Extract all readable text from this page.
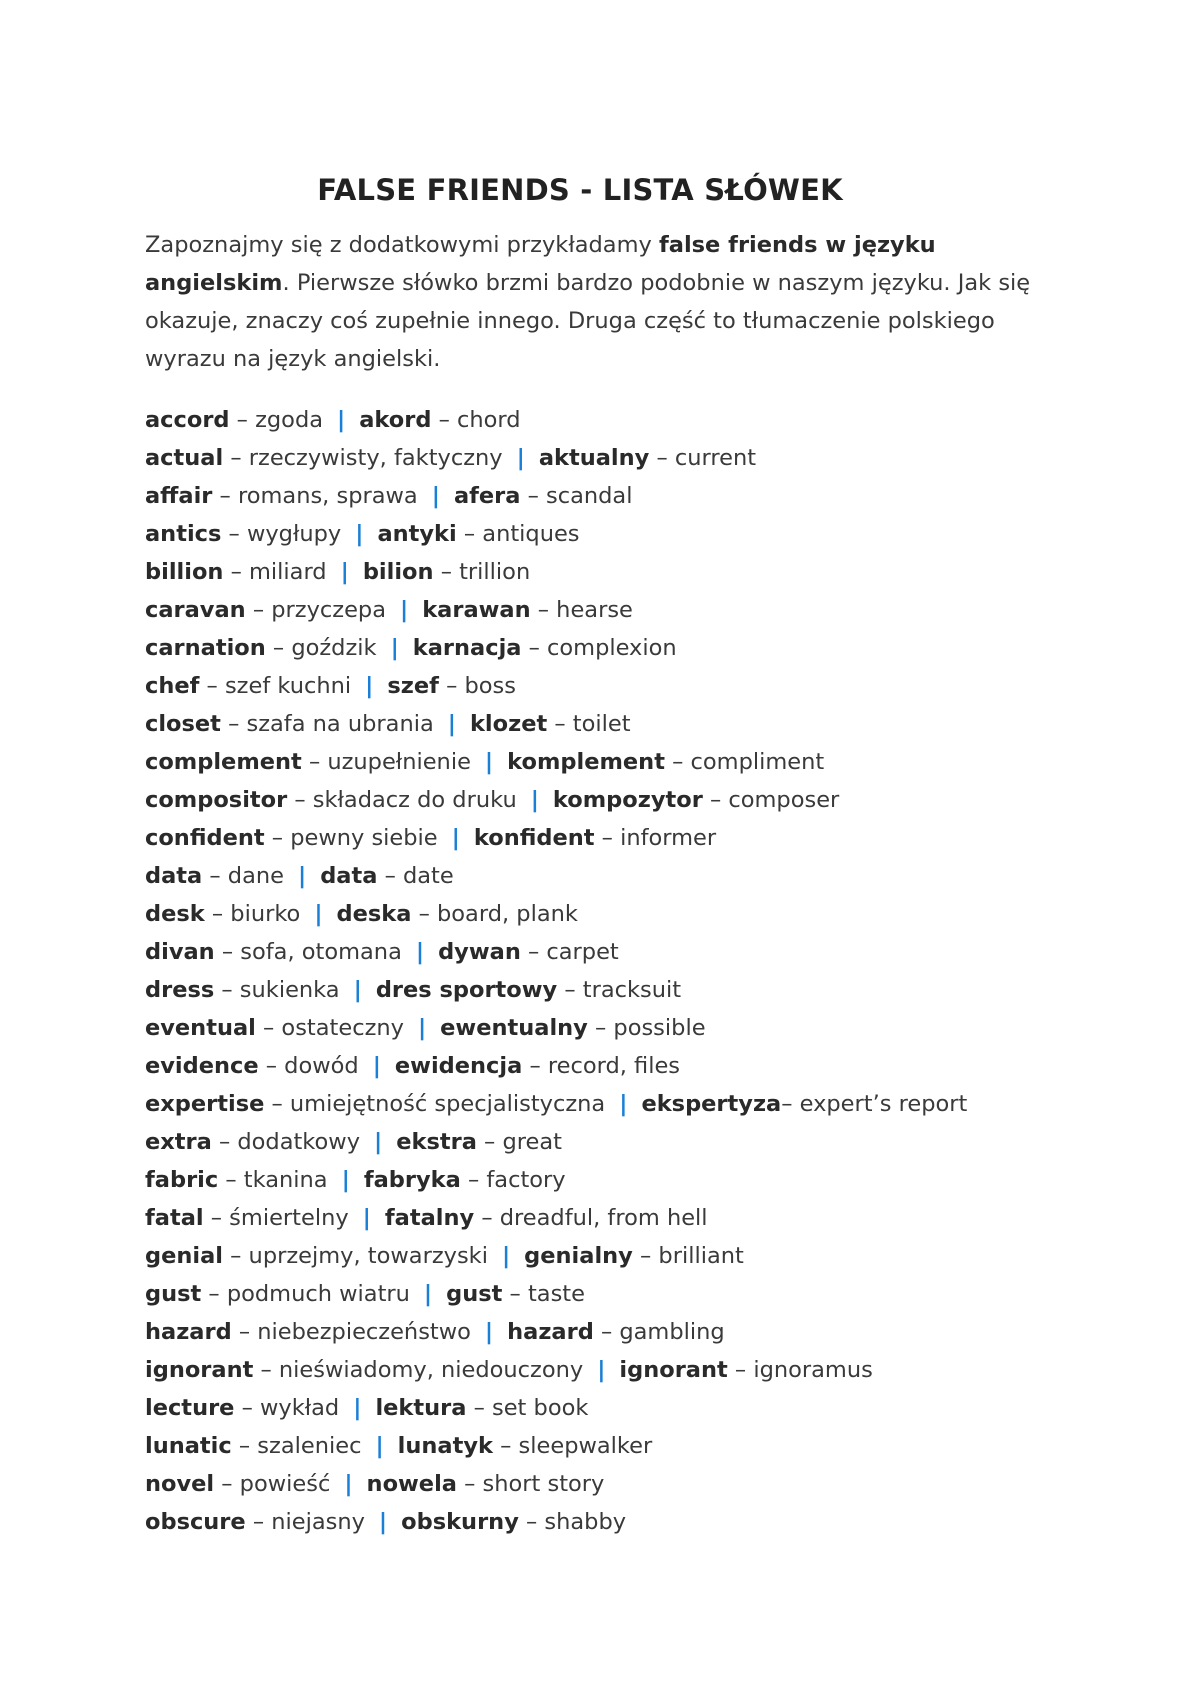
FALSE FRIENDS - LISTA SŁÓWEK

Zapoznajmy się z dodatkowymi przykładamy false friends w języku angielskim. Pierwsze słówko brzmi bardzo podobnie w naszym języku. Jak się okazuje, znaczy coś zupełnie innego. Druga część to tłumaczenie polskiego wyrazu na język angielski.

accord – zgoda | akord – chord
actual – rzeczywisty, faktyczny | aktualny – current
affair – romans, sprawa | afera – scandal
antics – wygłupy | antyki – antiques
billion – miliard | bilion – trillion
caravan – przyczepa | karawan – hearse
carnation – goździk | karnacja – complexion
chef – szef kuchni | szef – boss
closet – szafa na ubrania | klozet – toilet
complement – uzupełnienie | komplement – compliment
compositor – składacz do druku | kompozytor – composer
confident – pewny siebie | konfident – informer
data – dane | data – date
desk – biurko | deska – board, plank
divan – sofa, otomana | dywan – carpet
dress – sukienka | dres sportowy – tracksuit
eventual – ostateczny | ewentualny – possible
evidence – dowód | ewidencja – record, files
expertise – umiejętność specjalistyczna | ekspertyza– expert’s report
extra – dodatkowy | ekstra – great
fabric – tkanina | fabryka – factory
fatal – śmiertelny | fatalny – dreadful, from hell
genial – uprzejmy, towarzyski | genialny – brilliant
gust – podmuch wiatru | gust – taste
hazard – niebezpieczeństwo | hazard – gambling
ignorant – nieświadomy, niedouczony | ignorant – ignoramus
lecture – wykład | lektura – set book
lunatic – szaleniec | lunatyk – sleepwalker
novel – powieść | nowela – short story
obscure – niejasny | obskurny – shabby
